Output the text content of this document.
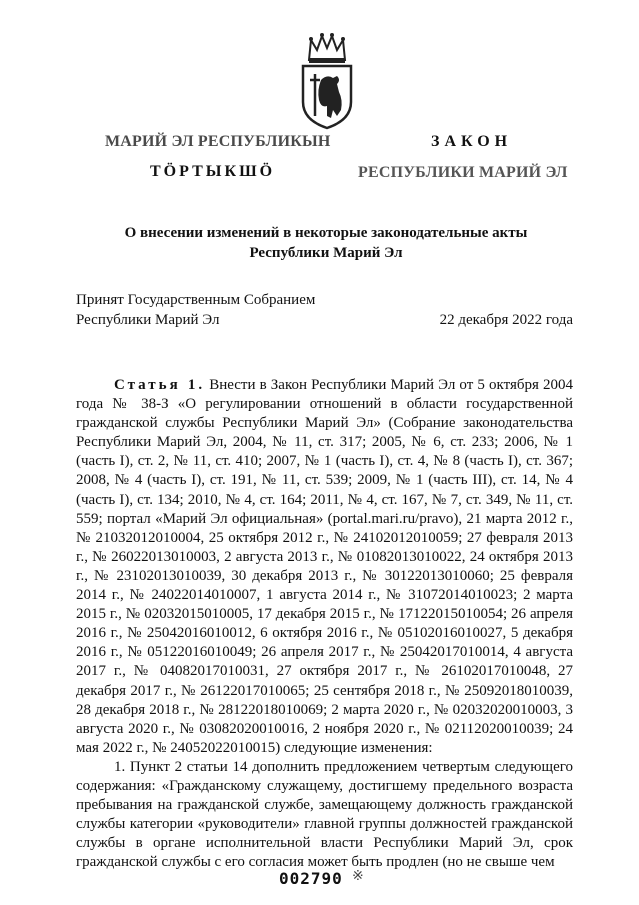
МАРИЙ ЭЛ РЕСПУБЛИКЫН
ТӦРТЫКШӦ
ЗАКОН
РЕСПУБЛИКИ МАРИЙ ЭЛ
О внесении изменений в некоторые законодательные акты
Республики Марий Эл
Принят Государственным Собранием
Республики Марий Эл	22 декабря 2022 года

Статья 1. Внести в Закон Республики Марий Эл от 5 октября 2004 года № 38-З «О регулировании отношений в области государственной гражданской службы Республики Марий Эл» (Собрание законодательства Республики Марий Эл, 2004, № 11, ст. 317; 2005, № 6, ст. 233; 2006, № 1 (часть I), ст. 2, № 11, ст. 410; 2007, № 1 (часть I), ст. 4, № 8 (часть I), ст. 367; 2008, № 4 (часть I), ст. 191, № 11, ст. 539; 2009, № 1 (часть III), ст. 14, № 4 (часть I), ст. 134; 2010, № 4, ст. 164; 2011, № 4, ст. 167, № 7, ст. 349, № 11, ст. 559; портал «Марий Эл официальная» (portal.mari.ru/pravo), 21 марта 2012 г., № 21032012010004, 25 октября 2012 г., № 24102012010059; 27 февраля 2013 г., № 26022013010003, 2 августа 2013 г., № 01082013010022, 24 октября 2013 г., № 23102013010039, 30 декабря 2013 г., № 30122013010060; 25 февраля 2014 г., № 24022014010007, 1 августа 2014 г., № 31072014010023; 2 марта 2015 г., № 02032015010005, 17 декабря 2015 г., № 17122015010054; 26 апреля 2016 г., № 25042016010012, 6 октября 2016 г., № 05102016010027, 5 декабря 2016 г., № 05122016010049; 26 апреля 2017 г., № 25042017010014, 4 августа 2017 г., № 04082017010031, 27 октября 2017 г., № 26102017010048, 27 декабря 2017 г., № 26122017010065; 25 сентября 2018 г., № 25092018010039, 28 декабря 2018 г., № 28122018010069; 2 марта 2020 г., № 02032020010003, 3 августа 2020 г., № 03082020010016, 2 ноября 2020 г., № 02112020010039; 24 мая 2022 г., № 24052022010015) следующие изменения:

1. Пункт 2 статьи 14 дополнить предложением четвертым следующего содержания: «Гражданскому служащему, достигшему предельного возраста пребывания на гражданской службе, замещающему должность гражданской службы категории «руководители» главной группы должностей гражданской службы в органе исполнительной власти Республики Марий Эл, срок гражданской службы с его согласия может быть продлен (но не свыше чем

002790 ※
